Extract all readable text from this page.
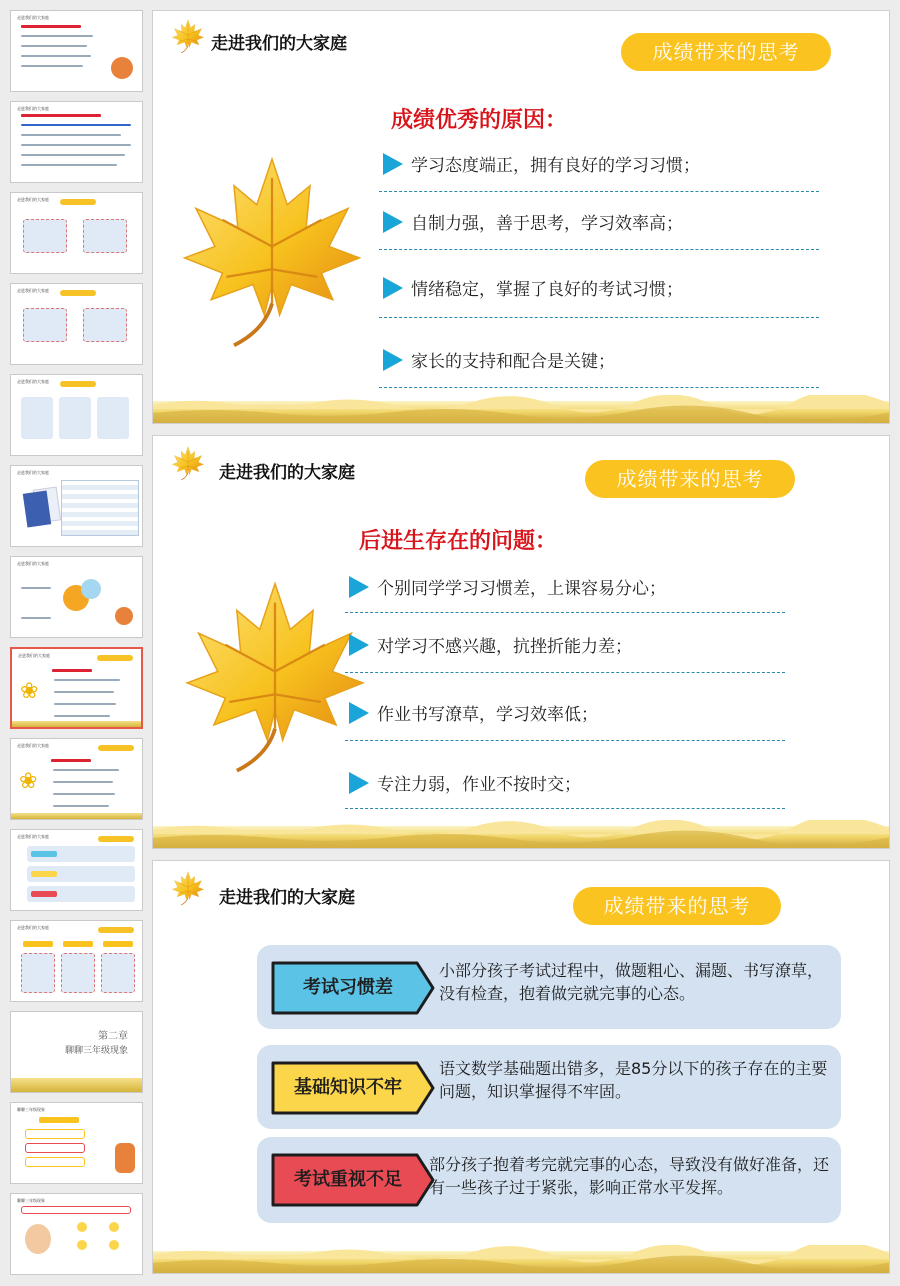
走进我们的大家庭
走进我们的大家庭
走进我们的大家庭
走进我们的大家庭
走进我们的大家庭
走进我们的大家庭
走进我们的大家庭
走进我们的大家庭
❀
走进我们的大家庭
❀
走进我们的大家庭
走进我们的大家庭
第二章
聊聊三年级现象
聊聊三年级现象
聊聊三年级现象
走进我们的大家庭	成绩带来的思考
成绩优秀的原因：
学习态度端正，拥有良好的学习习惯；
自制力强，善于思考，学习效率高；
情绪稳定，掌握了良好的考试习惯；
家长的支持和配合是关键；
走进我们的大家庭	成绩带来的思考
后进生存在的问题：
个别同学学习习惯差，上课容易分心；
对学习不感兴趣，抗挫折能力差；
作业书写潦草，学习效率低；
专注力弱，作业不按时交；
走进我们的大家庭	成绩带来的思考
考试习惯差
小部分孩子考试过程中，做题粗心、漏题、书写潦草，没有检查，抱着做完就完事的心态。
基础知识不牢
语文数学基础题出错多，是85分以下的孩子存在的主要问题，知识掌握得不牢固。
考试重视不足
部分孩子抱着考完就完事的心态，导致没有做好准备，还有一些孩子过于紧张，影响正常水平发挥。
